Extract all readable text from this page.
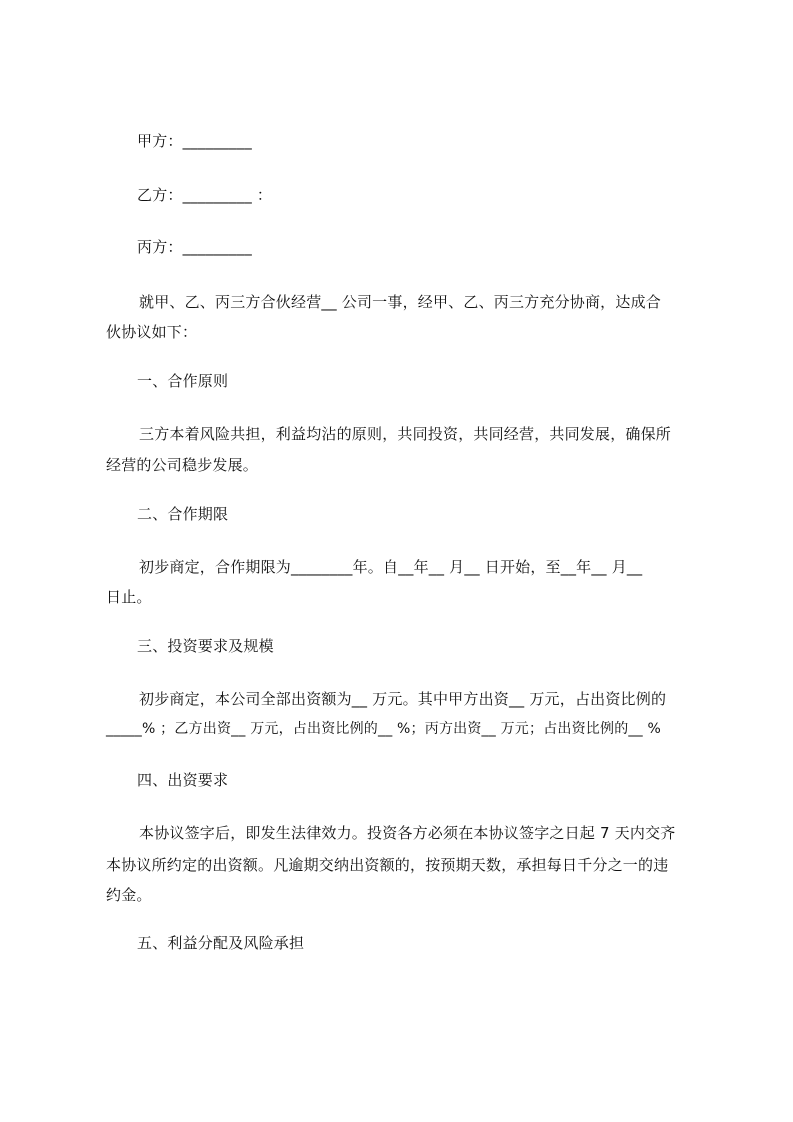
甲方：_________
乙方：_________ ：
丙方：_________
就甲、乙、丙三方合伙经营__ 公司一事，经甲、乙、丙三方充分协商，达成合
伙协议如下：
一、合作原则
三方本着风险共担，利益均沾的原则，共同投资，共同经营，共同发展，确保所
经营的公司稳步发展。
二、合作期限
初步商定，合作期限为________年。自__年__ 月__ 日开始，至__年__ 月__
日止。
三、投资要求及规模
初步商定，本公司全部出资额为__ 万元。其中甲方出资__ 万元，占出资比例的
_____% ；乙方出资__ 万元，占出资比例的__ %；丙方出资__ 万元；占出资比例的__ %
四、出资要求
本协议签字后，即发生法律效力。投资各方必须在本协议签字之日起 7 天内交齐
本协议所约定的出资额。凡逾期交纳出资额的，按预期天数，承担每日千分之一的违
约金。
五、利益分配及风险承担
